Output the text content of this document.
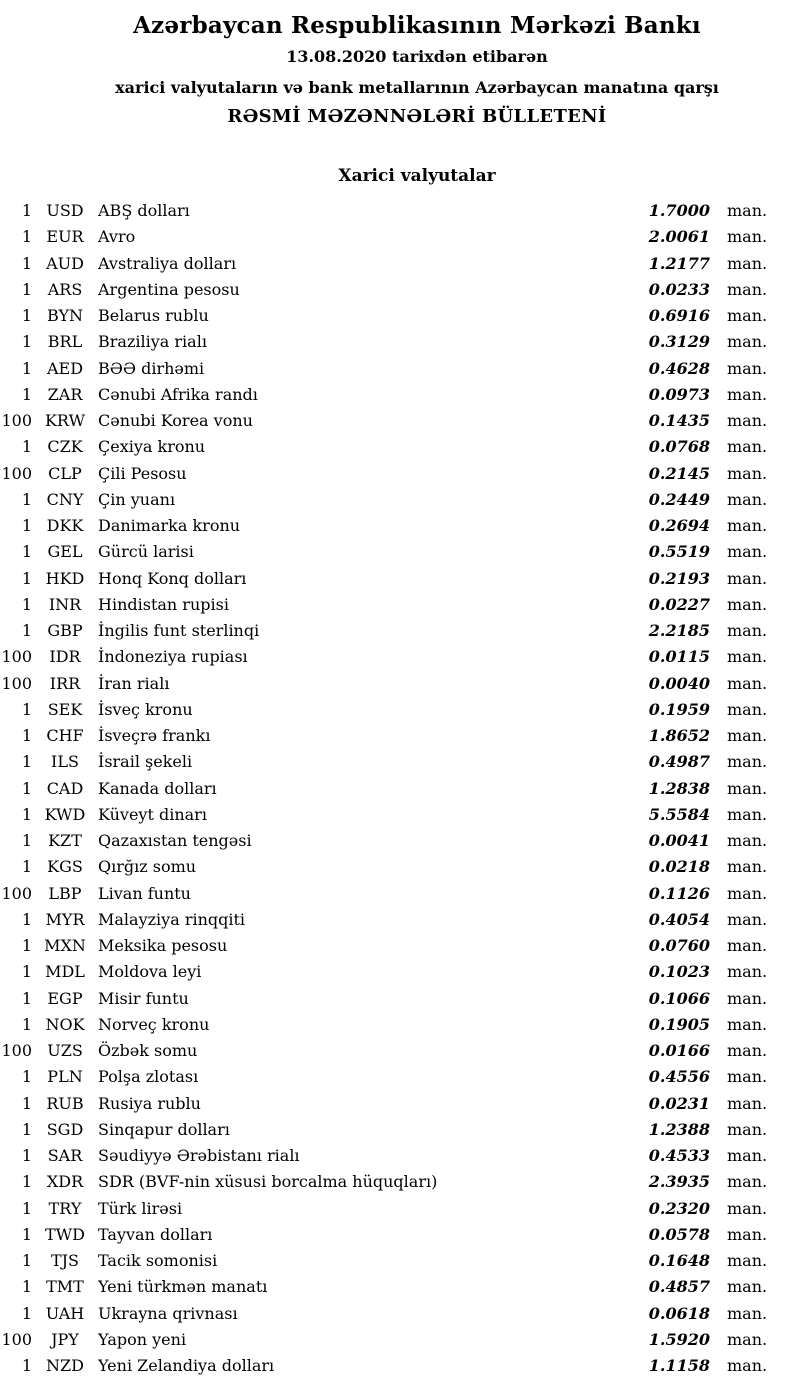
Azərbaycan Respublikasının Mərkəzi Bankı
13.08.2020 tarixdən etibarən
xarici valyutaların və bank metallarının Azərbaycan manatına qarşı
RƏSMİ MƏZƏNNƏLƏRİ BÜLLETENİ
Xarici valyutalar
1 USD ABŞ dolları	1.7000 man.
1 EUR Avro	2.0061 man.
1 AUD Avstraliya dolları	1.2177 man.
1 ARS Argentina pesosu	0.0233 man.
1 BYN Belarus rublu	0.6916 man.
1 BRL Braziliya rialı	0.3129 man.
1 AED BƏƏ dirhəmi	0.4628 man.
1 ZAR Cənubi Afrika randı	0.0973 man.
100 KRW Cənubi Korea vonu	0.1435 man.
1 CZK Çexiya kronu	0.0768 man.
100	CLP	Çili Pesosu	0.2145 man.
1 CNY Çin yuanı	0.2449 man.
1 DKK Danimarka kronu	0.2694 man.
1 GEL Gürcü larisi	0.5519 man.
1 HKD Honq Konq dolları	0.2193 man.
1	INR	Hindistan rupisi	0.0227 man.
1 GBP İngilis funt sterlinqi	2.2185 man.
100	IDR	İndoneziya rupiası	0.0115 man.
100	IRR	İran rialı	0.0040 man.
1 SEK İsveç kronu	0.1959 man.
1 CHF İsveçrə frankı	1.8652 man.
1	ILS	İsrail şekeli	0.4987 man.
1 CAD Kanada dolları	1.2838 man.
1 KWD Küveyt dinarı	5.5584 man.
1	KZT	Qazaxıstan tengəsi	0.0041 man.
1 KGS Qırğız somu	0.0218 man.
100	LBP	Livan funtu	0.1126 man.
1 MYR Malayziya rinqqiti	0.4054 man.
1 MXN Meksika pesosu	0.0760 man.
1 MDL Moldova leyi	0.1023 man.
1 EGP Misir funtu	0.1066 man.
1 NOK Norveç kronu	0.1905 man.
100 UZS Özbək somu	0.0166 man.
1 PLN Polşa zlotası	0.4556 man.
1 RUB Rusiya rublu	0.0231 man.
1 SGD Sinqapur dolları	1.2388 man.
1 SAR Səudiyyə Ərəbistanı rialı	0.4533 man.
1 XDR SDR (BVF-nin xüsusi borcalma hüquqları)	2.3935 man.
1	TRY	Türk lirəsi	0.2320 man.
1 TWD Tayvan dolları	0.0578 man.
1	TJS	Tacik somonisi	0.1648 man.
1 TMT Yeni türkmən manatı	0.4857 man.
1 UAH Ukrayna qrivnası	0.0618 man.
100	JPY	Yapon yeni	1.5920 man.
1 NZD Yeni Zelandiya dolları	1.1158 man.
